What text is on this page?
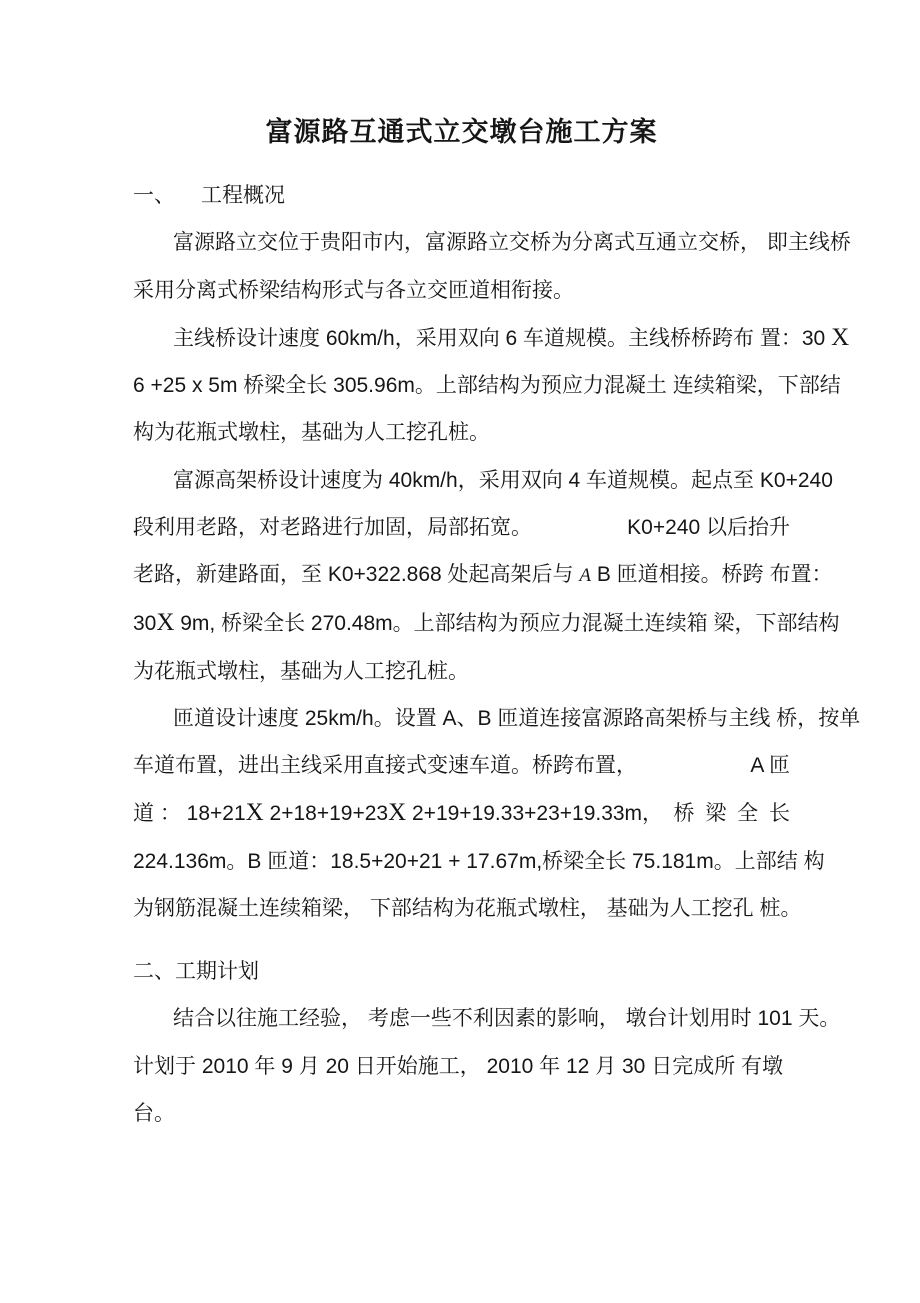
富源路互通式立交墩台施工方案
一、 工程概况
富源路立交位于贵阳市内，富源路立交桥为分离式互通立交桥， 即主线桥
采用分离式桥梁结构形式与各立交匝道相衔接。
主线桥设计速度 60km/h，采用双向 6 车道规模。主线桥桥跨布 置：30 X
6 +25 x 5m 桥梁全长 305.96m。上部结构为预应力混凝土 连续箱梁，下部结
构为花瓶式墩柱，基础为人工挖孔桩。
富源高架桥设计速度为 40km/h，采用双向 4 车道规模。起点至 K0+240
段利用老路，对老路进行加固，局部拓宽。	K0+240 以后抬升
老路，新建路面，至 K0+322.868 处起高架后与 A B 匝道相接。桥跨 布置：
30X 9m, 桥梁全长 270.48m。上部结构为预应力混凝土连续箱 梁，下部结构
为花瓶式墩柱，基础为人工挖孔桩。
匝道设计速度 25km/h。设置 A、B 匝道连接富源路高架桥与主线 桥，按单
车道布置，进出主线采用直接式变速车道。桥跨布置，	A 匝
道 ： 18+21 X 2+18+19+23 X 2+19+19.33+23+19.33m， 桥 梁 全 长
224.136m。B 匝道：18.5+20+21 + 17.67m,桥梁全长 75.181m。上部结 构
为钢筋混凝土连续箱梁， 下部结构为花瓶式墩柱， 基础为人工挖孔 桩。
二、工期计划
结合以往施工经验， 考虑一些不利因素的影响， 墩台计划用时 101 天。
计划于 2010 年 9 月 20 日开始施工， 2010 年 12 月 30 日完成所 有墩
台。
